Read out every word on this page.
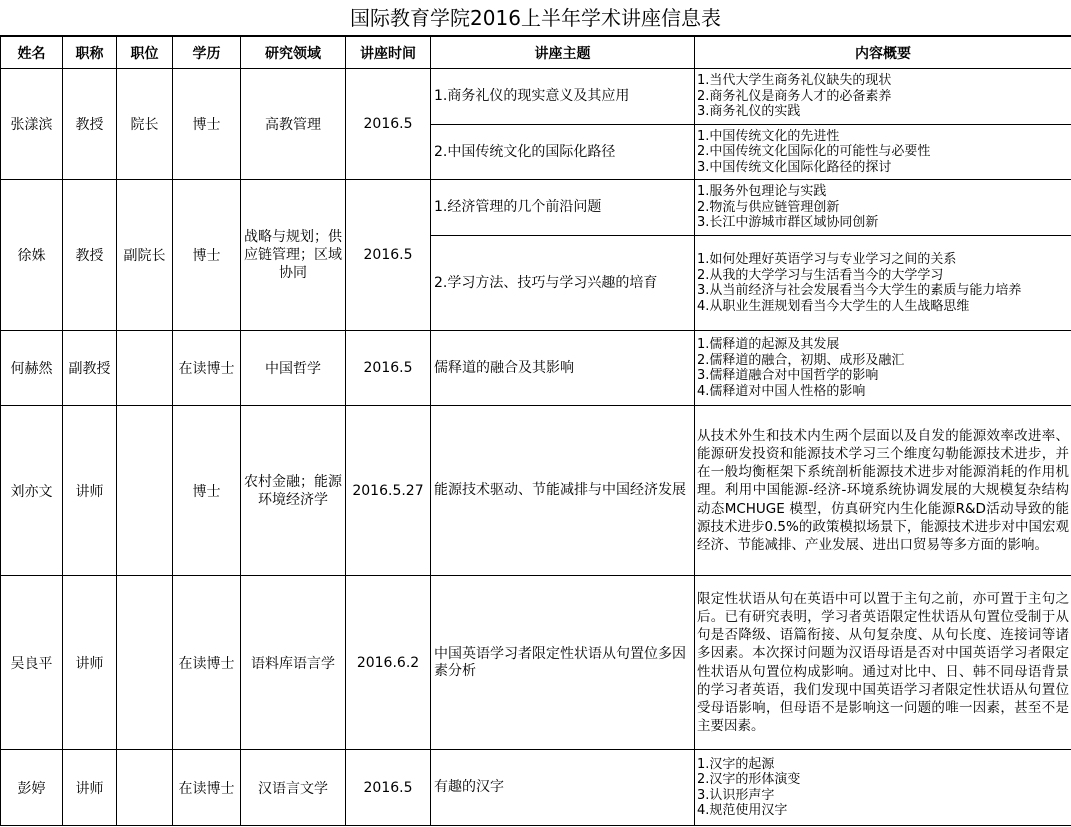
国际教育学院2016上半年学术讲座信息表
姓名	职称	职位	学历	研究领域	讲座时间	讲座主题	内容概要
张漾滨	教授	院长	博士	高教管理	2016.5	1.商务礼仪的现实意义及其应用	1.当代大学生商务礼仪缺失的现状
2.商务礼仪是商务人才的必备素养
3.商务礼仪的实践

						2.中国传统文化的国际化路径	1.中国传统文化的先进性
2.中国传统文化国际化的可能性与必要性
3.中国传统文化国际化路径的探讨

徐姝	教授	副院长	博士	战略与规划；供应链管理；区域协同	2016.5	1.经济管理的几个前沿问题	1.服务外包理论与实践
2.物流与供应链管理创新
3.长江中游城市群区域协同创新

						2.学习方法、技巧与学习兴趣的培育	1.如何处理好英语学习与专业学习之间的关系
2.从我的大学学习与生活看当今的大学学习
3.从当前经济与社会发展看当今大学生的素质与能力培养
4.从职业生涯规划看当今大学生的人生战略思维

何赫然	副教授		在读博士	中国哲学	2016.5	儒释道的融合及其影响	1.儒释道的起源及其发展
2.儒释道的融合，初期、成形及融汇
3.儒释道融合对中国哲学的影响
4.儒释道对中国人性格的影响

刘亦文	讲师		博士	农村金融；能源环境经济学	2016.5.27	能源技术驱动、节能减排与中国经济发展	从技术外生和技术内生两个层面以及自发的能源效率改进率、能源研发投资和能源技术学习三个维度勾勒能源技术进步，并在一般均衡框架下系统剖析能源技术进步对能源消耗的作用机理。利用中国能源-经济-环境系统协调发展的大规模复杂结构动态MCHUGE 模型，仿真研究内生化能源R&D活动导致的能源技术进步0.5%的政策模拟场景下，能源技术进步对中国宏观经济、节能减排、产业发展、进出口贸易等多方面的影响。
吴良平	讲师		在读博士	语料库语言学	2016.6.2	中国英语学习者限定性状语从句置位多因素分析	限定性状语从句在英语中可以置于主句之前，亦可置于主句之后。已有研究表明，学习者英语限定性状语从句置位受制于从句是否降级、语篇衔接、从句复杂度、从句长度、连接词等诸多因素。本次探讨问题为汉语母语是否对中国英语学习者限定性状语从句置位构成影响。通过对比中、日、韩不同母语背景的学习者英语，我们发现中国英语学习者限定性状语从句置位受母语影响，但母语不是影响这一问题的唯一因素，甚至不是主要因素。
彭婷	讲师		在读博士	汉语言文学	2016.5	有趣的汉字	1.汉字的起源
2.汉字的形体演变
3.认识形声字
4.规范使用汉字
